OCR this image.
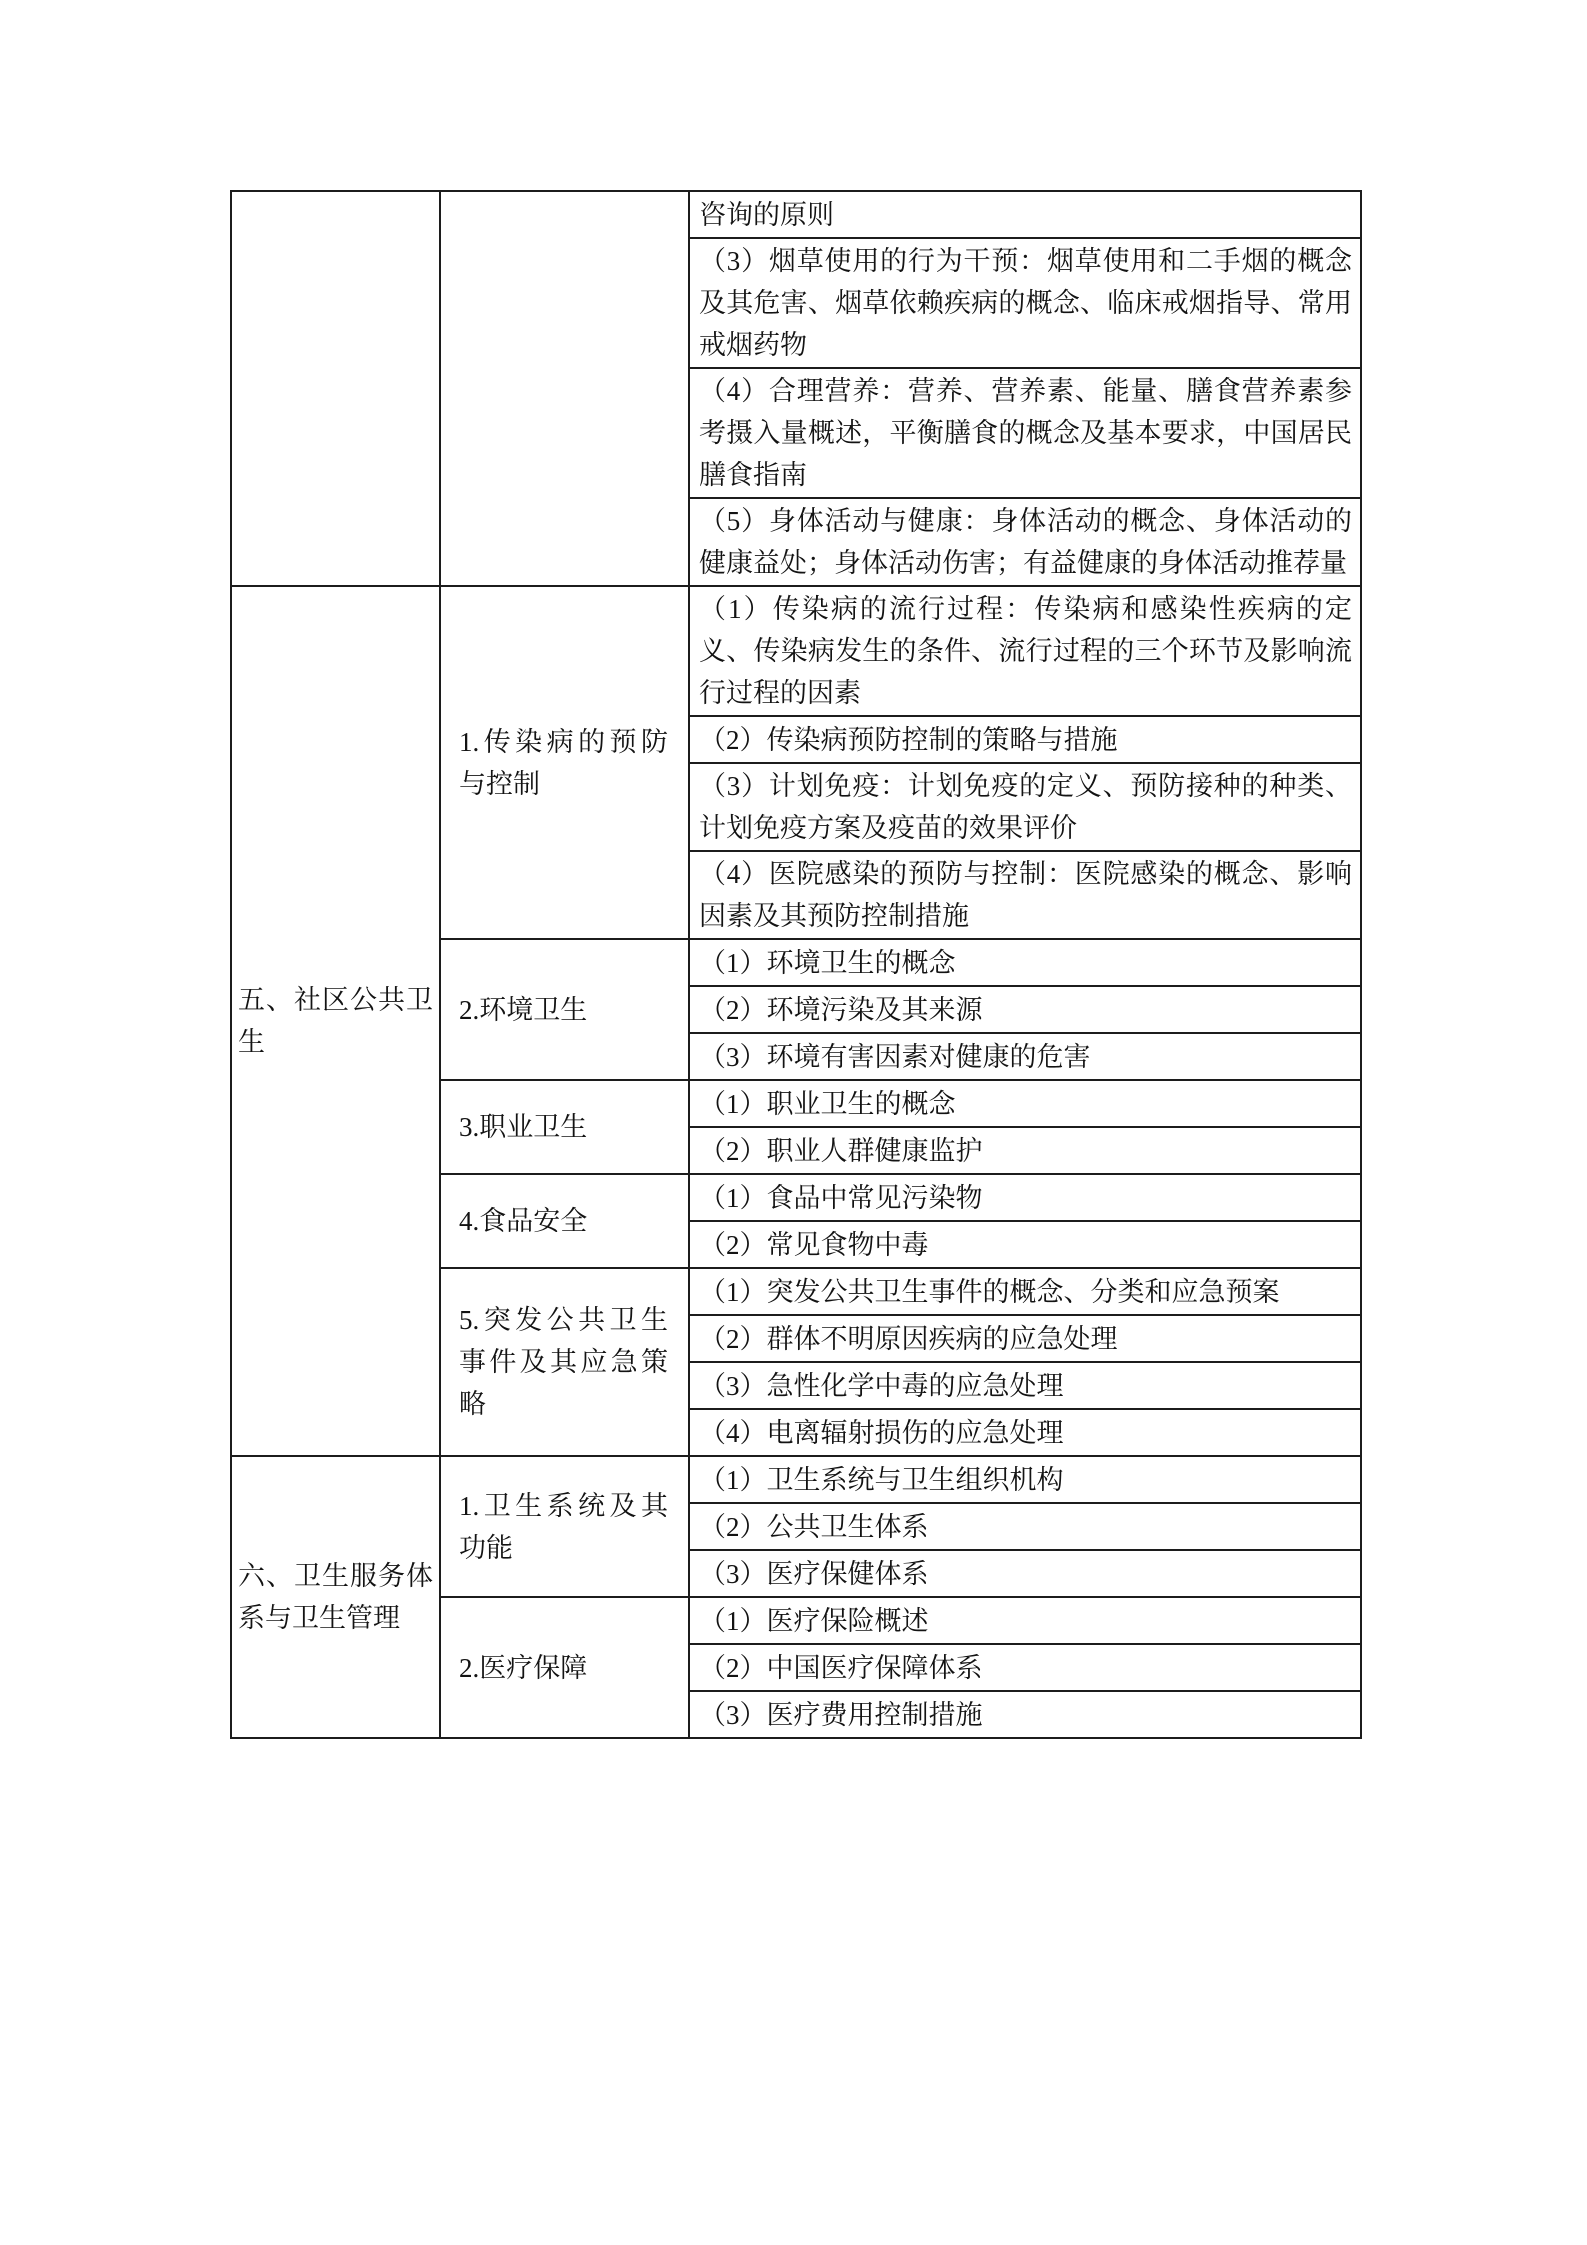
		咨询的原则
		（3）烟草使用的行为干预：烟草使用和二手烟的概念及其危害、烟草依赖疾病的概念、临床戒烟指导、常用戒烟药物
		（4）合理营养：营养、营养素、能量、膳食营养素参考摄入量概述，平衡膳食的概念及基本要求，中国居民膳食指南
		（5）身体活动与健康：身体活动的概念、身体活动的健康益处；身体活动伤害；有益健康的身体活动推荐量
五、社区公共卫生	1.传染病的预防与控制	（1）传染病的流行过程：传染病和感染性疾病的定义、传染病发生的条件、流行过程的三个环节及影响流行过程的因素
		（2）传染病预防控制的策略与措施
		（3）计划免疫：计划免疫的定义、预防接种的种类、计划免疫方案及疫苗的效果评价
		（4）医院感染的预防与控制：医院感染的概念、影响因素及其预防控制措施
	2.环境卫生	（1）环境卫生的概念
		（2）环境污染及其来源
		（3）环境有害因素对健康的危害
	3.职业卫生	（1）职业卫生的概念
		（2）职业人群健康监护
	4.食品安全	（1）食品中常见污染物
		（2）常见食物中毒
	5.突发公共卫生事件及其应急策略	（1）突发公共卫生事件的概念、分类和应急预案
		（2）群体不明原因疾病的应急处理
		（3）急性化学中毒的应急处理
		（4）电离辐射损伤的应急处理
六、卫生服务体系与卫生管理	1.卫生系统及其功能	（1）卫生系统与卫生组织机构
		（2）公共卫生体系
		（3）医疗保健体系
	2.医疗保障	（1）医疗保险概述
		（2）中国医疗保障体系
		（3）医疗费用控制措施
